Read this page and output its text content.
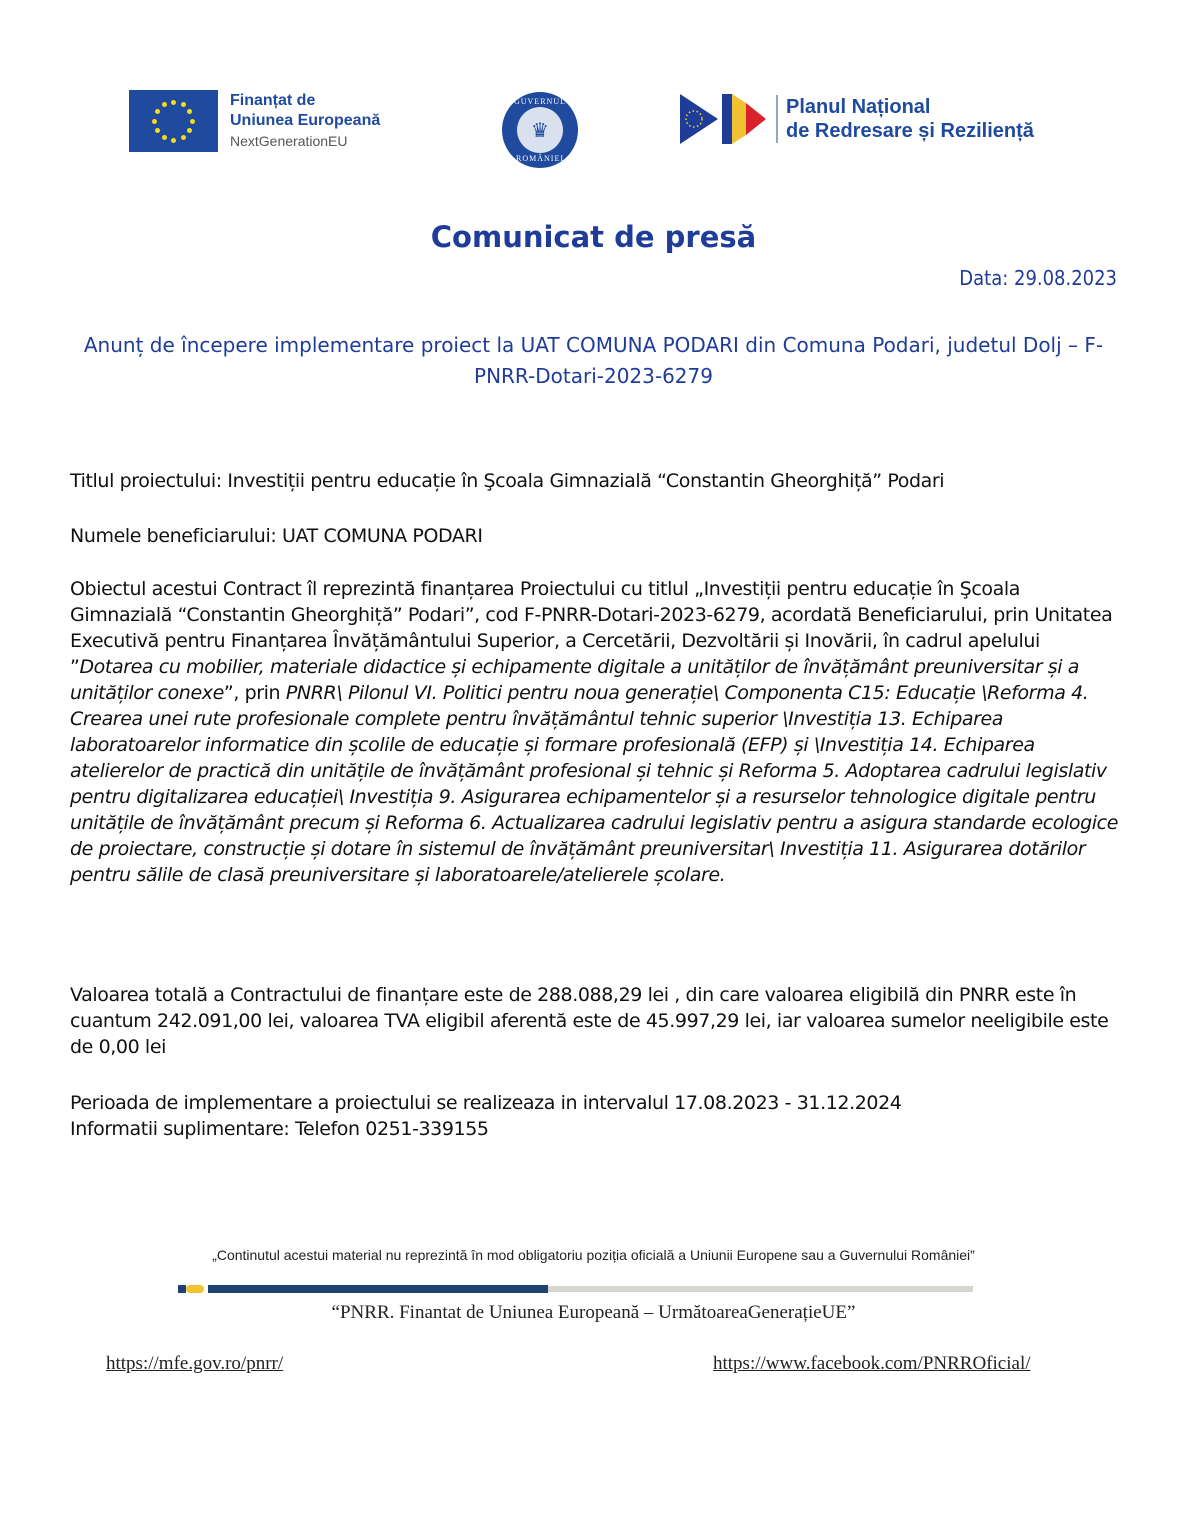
Finanțat de
Uniunea Europeană
NextGenerationEU
GUVERNUL
♛
ROMÂNIEI
Planul Național
de Redresare și Reziliență
Comunicat de presă
Data: 29.08.2023
Anunț de începere implementare proiect la UAT COMUNA PODARI din Comuna Podari, judetul Dolj – F-PNRR-Dotari-2023-6279
Titlul proiectului: Investiții pentru educație în Şcoala Gimnazială “Constantin Gheorghiță” Podari
Numele beneficiarului: UAT COMUNA PODARI
Obiectul acestui Contract îl reprezintă finanțarea Proiectului cu titlul „Investiții pentru educație în Şcoala Gimnazială “Constantin Gheorghiță” Podari”, cod F-PNRR-Dotari-2023-6279, acordată Beneficiarului, prin Unitatea Executivă pentru Finanțarea Învățământului Superior, a Cercetării, Dezvoltării și Inovării, în cadrul apelului ”Dotarea cu mobilier, materiale didactice și echipamente digitale a unităților de învățământ preuniversitar și a unităților conexe”, prin PNRR\ Pilonul VI. Politici pentru noua generație\ Componenta C15: Educație \Reforma 4. Crearea unei rute profesionale complete pentru învățământul tehnic superior \Investiția 13. Echiparea laboratoarelor informatice din școlile de educație și formare profesională (EFP) și \Investiția 14. Echiparea atelierelor de practică din unitățile de învățământ profesional și tehnic și Reforma 5. Adoptarea cadrului legislativ pentru digitalizarea educației\ Investiția 9. Asigurarea echipamentelor și a resurselor tehnologice digitale pentru unitățile de învățământ precum și Reforma 6. Actualizarea cadrului legislativ pentru a asigura standarde ecologice de proiectare, construcție și dotare în sistemul de învățământ preuniversitar\ Investiția 11. Asigurarea dotărilor pentru sălile de clasă preuniversitare și laboratoarele/atelierele școlare.
Valoarea totală a Contractului de finanțare este de 288.088,29 lei , din care valoarea eligibilă din PNRR este în cuantum 242.091,00 lei, valoarea TVA eligibil aferentă este de 45.997,29 lei, iar valoarea sumelor neeligibile este de 0,00 lei
Perioada de implementare a proiectului se realizeaza in intervalul 17.08.2023 - 31.12.2024
Informatii suplimentare: Telefon 0251-339155
„Continutul acestui material nu reprezintă în mod obligatoriu poziția oficială a Uniunii Europene sau a Guvernului României”
“PNRR. Finantat de Uniunea Europeană – UrmătoareaGenerațieUE”
https://mfe.gov.ro/pnrr/	https://www.facebook.com/PNRROficial/
